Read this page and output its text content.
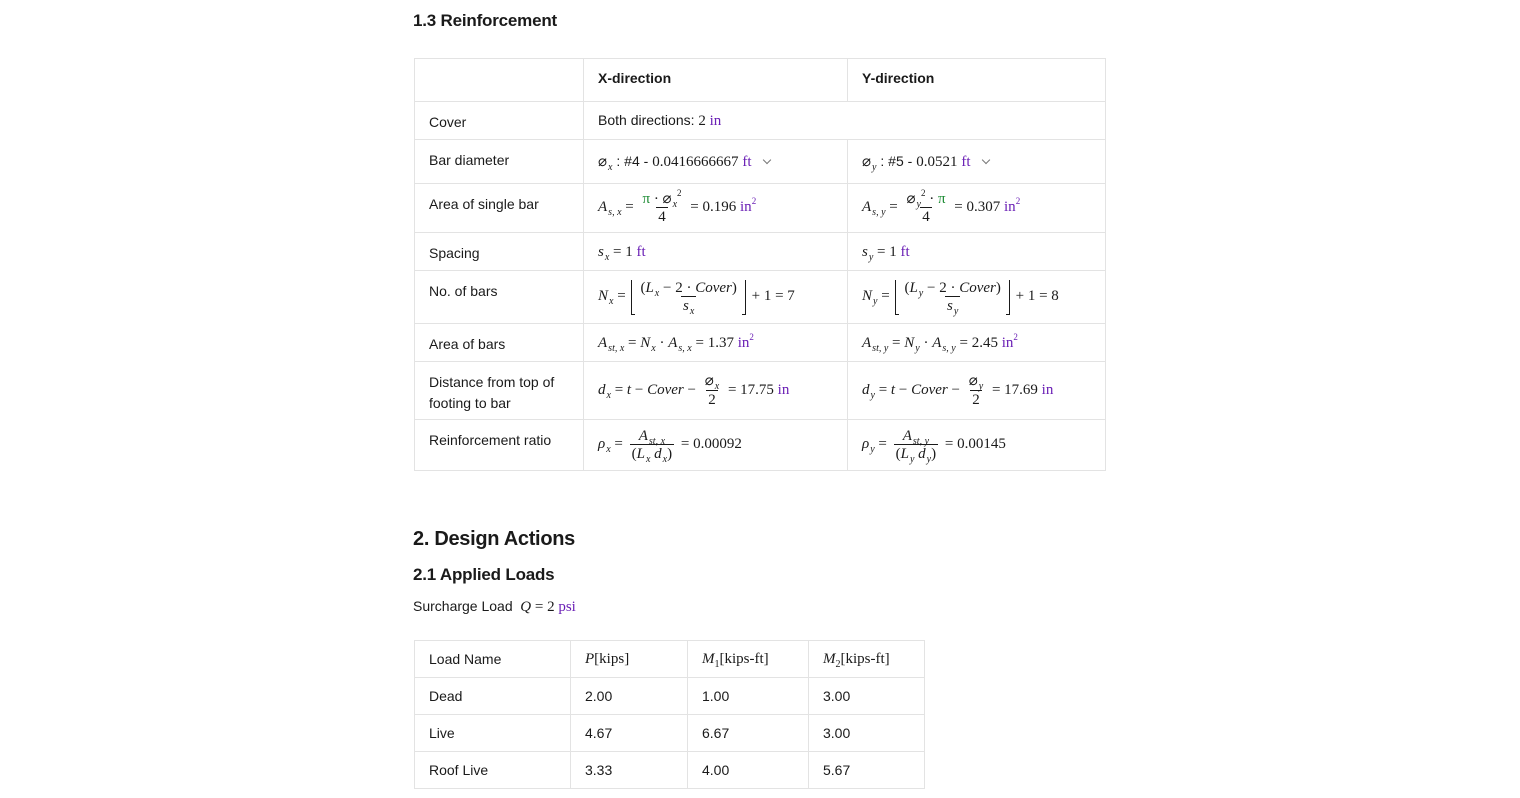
1.3 Reinforcement
	X-direction	Y-direction
Cover	Both directions: 2 in	
Bar diameter	$⌀_x$ : #4 - 0.0416666667 ft	$⌀_y$ : #5 - 0.0521 ft
Area of single bar	$A_{s, x} = \frac{\pi \cdot ⌀_x^2}{4} = 0.196$ $in^2$	$A_{s, y} = \frac{⌀_y^2 \cdot \pi}{4} = 0.307$ $in^2$
Spacing	$s_x = 1$ ft	$s_y = 1$ ft
No. of bars	$N_x = \frac{(L_x - 2 \cdot Cover)}{s_x} + 1 = 7$	$N_y = \frac{(L_y - 2 \cdot Cover)}{s_y} + 1 = 8$
Area of bars	$A_{st, x} = N_x \cdot A_{s, x} = 1.37$ $in^2$	$A_{st, y} = N_y \cdot A_{s, y} = 2.45$ $in^2$
Distance from top of footing to bar	$d_x = t$ − Cover − $\frac{⌀_x}{2} = 17.75$ in	$d_y = t$ − Cover − $\frac{⌀_y}{2} = 17.69$ in
Reinforcement ratio	$\rho_x = \frac{A_{st, x}}{(L_x d_x)} = 0.00092$	$\rho_y = \frac{A_{st, y}}{(L_y d_y)} = 0.00145$
2. Design Actions
2.1 Applied Loads
Surcharge Load Q = 2 psi
Load Name	P[kips]	$M_1[kips-ft]$	$M_2[kips-ft]$
Dead	2.00	1.00	3.00
Live	4.67	6.67	3.00
Roof Live	3.33	4.00	5.67
